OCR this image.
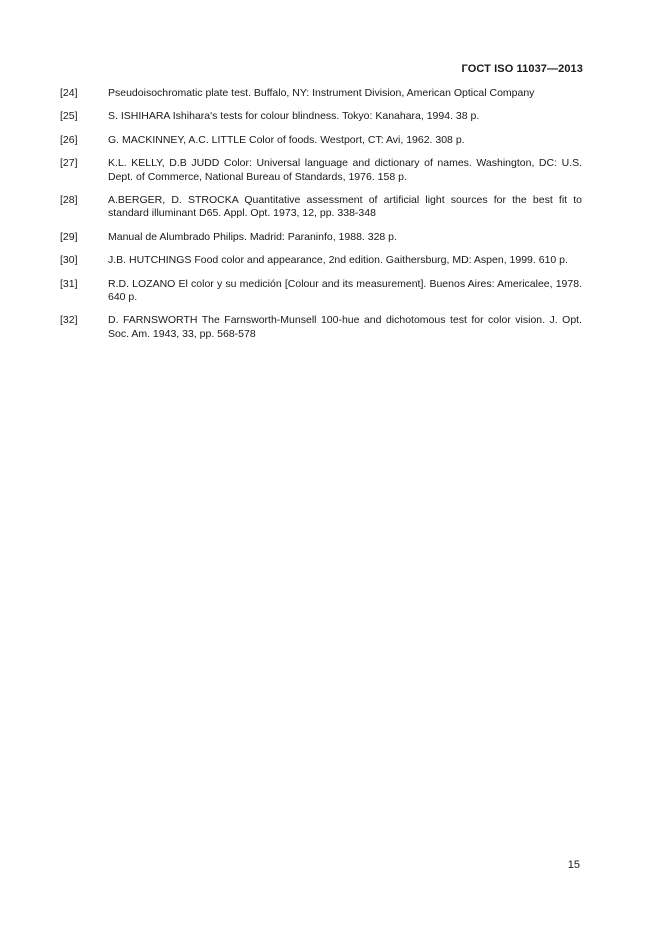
ГОСТ ISO 11037—2013
[24]	Pseudoisochromatic plate test. Buffalo, NY: Instrument Division, American Optical Company
[25]	S. ISHIHARA Ishihara's tests for colour blindness. Tokyo: Kanahara, 1994. 38 p.
[26]	G. MACKINNEY, A.C. LITTLE Color of foods. Westport, CT: Avi, 1962. 308 p.
[27]	K.L. KELLY, D.B JUDD Color: Universal language and dictionary of names. Washington, DC: U.S. Dept. of Commerce, National Bureau of Standards, 1976. 158 p.
[28]	A.BERGER, D. STROCKA Quantitative assessment of artificial light sources for the best fit to standard illuminant D65. Appl. Opt. 1973, 12, pp. 338-348
[29]	Manual de Alumbrado Philips. Madrid: Paraninfo, 1988. 328 p.
[30]	J.B. HUTCHINGS Food color and appearance, 2nd edition. Gaithersburg, MD: Aspen, 1999. 610 p.
[31]	R.D. LOZANO El color y su medición [Colour and its measurement]. Buenos Aires: Americalee, 1978. 640 p.
[32]	D. FARNSWORTH The Farnsworth-Munsell 100-hue and dichotomous test for color vision. J. Opt. Soc. Am. 1943, 33, pp. 568-578
15
